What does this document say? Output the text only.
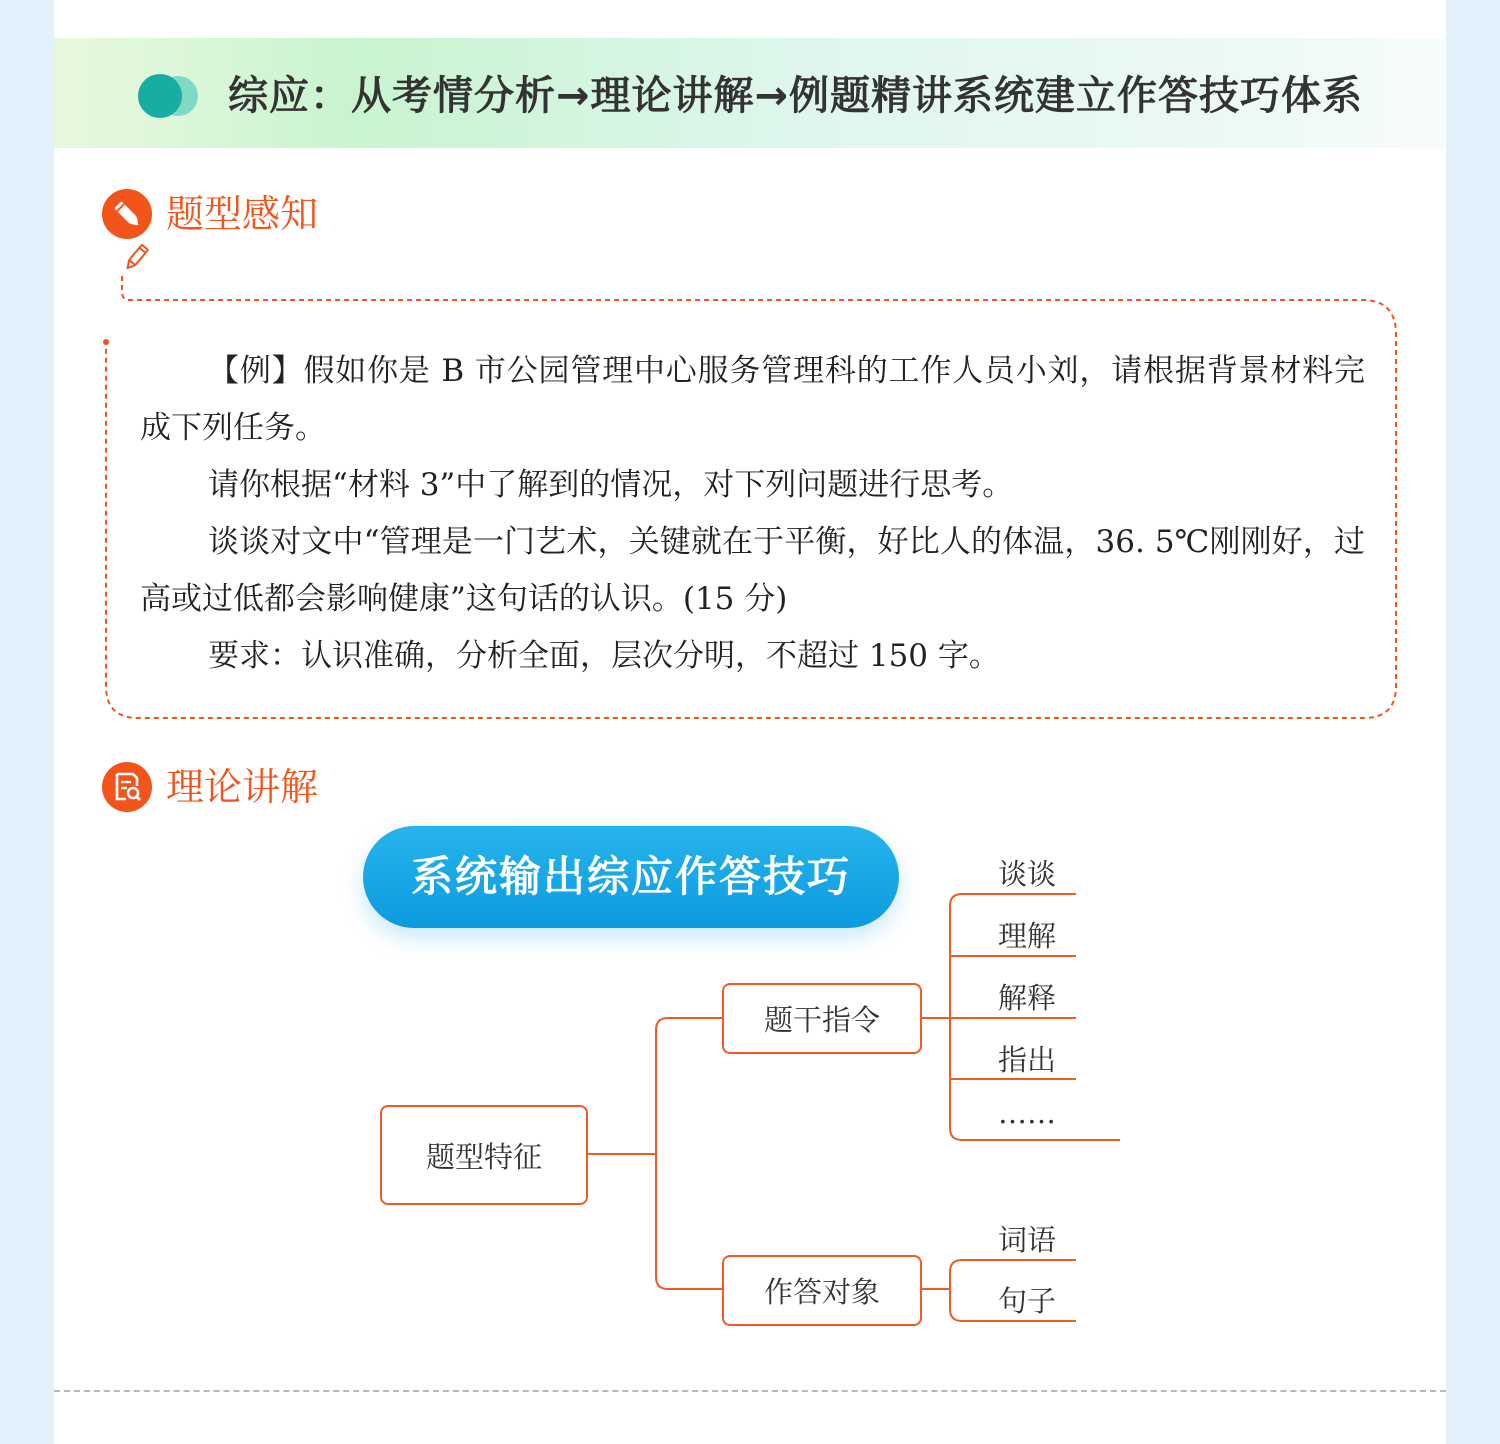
综应：从考情分析→理论讲解→例题精讲系统建立作答技巧体系
题型感知

【例】假如你是 B 市公园管理中心服务管理科的工作人员小刘，请根据背景材料完成下列任务。

请你根据“材料 3”中了解到的情况，对下列问题进行思考。

谈谈对文中“管理是一门艺术，关键就在于平衡，好比人的体温，36. 5℃刚刚好，过高或过低都会影响健康”这句话的认识。(15 分)

要求：认识准确，分析全面，层次分明，不超过 150 字。

理论讲解
系统输出综应作答技巧
题型特征
题干指令
作答对象
谈谈
理解
解释
指出
……
词语
句子
